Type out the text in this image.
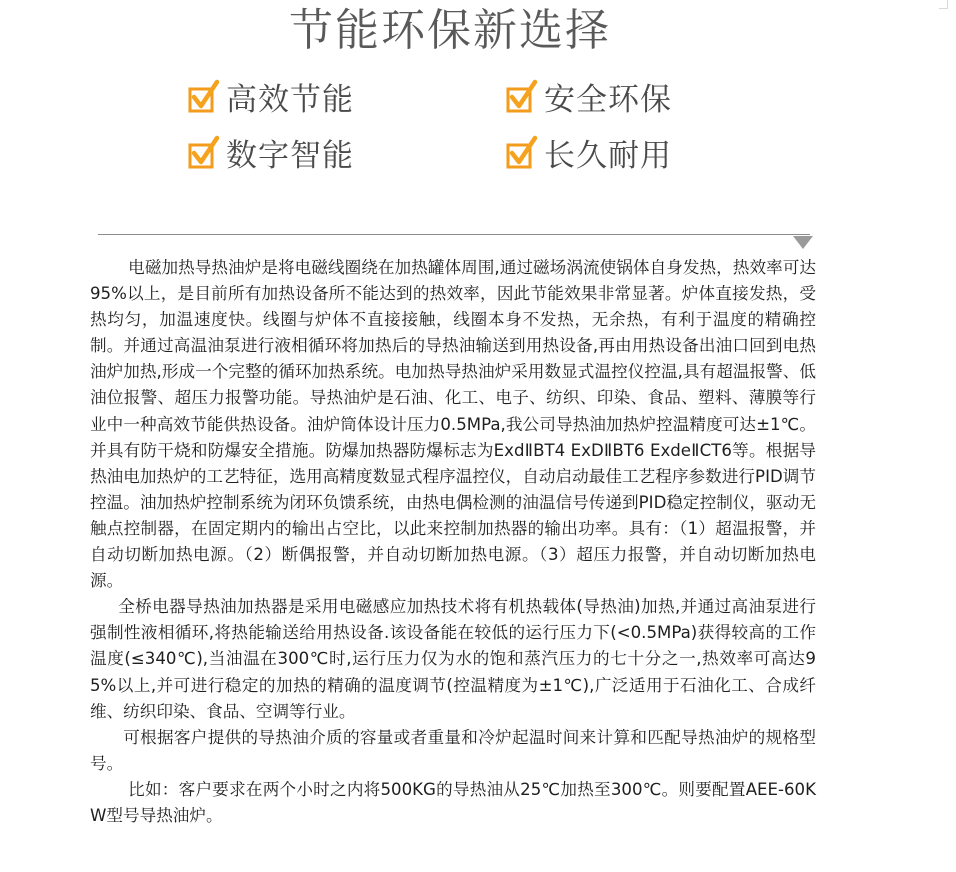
节能环保新选择
高效节能	安全环保
数字智能	长久耐用

电磁加热导热油炉是将电磁线圈绕在加热罐体周围,通过磁场涡流使锅体自身发热，热效率可达95%以上，是目前所有加热设备所不能达到的热效率，因此节能效果非常显著。炉体直接发热，受热均匀，加温速度快。线圈与炉体不直接接触，线圈本身不发热，无余热，有利于温度的精确控制。并通过高温油泵进行液相循环将加热后的导热油输送到用热设备,再由用热设备出油口回到电热油炉加热,形成一个完整的循环加热系统。电加热导热油炉采用数显式温控仪控温,具有超温报警、低油位报警、超压力报警功能。导热油炉是石油、化工、电子、纺织、印染、食品、塑料、薄膜等行业中一种高效节能供热设备。油炉筒体设计压力0.5MPa,我公司导热油加热炉控温精度可达±1℃。并具有防干烧和防爆安全措施。防爆加热器防爆标志为ExdⅡBT4 ExDⅡBT6 ExdeⅡCT6等。根据导热油电加热炉的工艺特征，选用高精度数显式程序温控仪，自动启动最佳工艺程序参数进行PID调节控温。油加热炉控制系统为闭环负馈系统，由热电偶检测的油温信号传递到PID稳定控制仪，驱动无触点控制器，在固定期内的输出占空比，以此来控制加热器的输出功率。具有：（1）超温报警，并自动切断加热电源。（2）断偶报警，并自动切断加热电源。（3）超压力报警，并自动切断加热电源。

全桥电器导热油加热器是采用电磁感应加热技术将有机热载体(导热油)加热,并通过高油泵进行强制性液相循环,将热能输送给用热设备.该设备能在较低的运行压力下(<0.5MPa)获得较高的工作温度(≤340℃),当油温在300℃时,运行压力仅为水的饱和蒸汽压力的七十分之一,热效率可高达95%以上,并可进行稳定的加热的精确的温度调节(控温精度为±1℃),广泛适用于石油化工、合成纤维、纺织印染、食品、空调等行业。

可根据客户提供的导热油介质的容量或者重量和冷炉起温时间来计算和匹配导热油炉的规格型号。

比如：客户要求在两个小时之内将500KG的导热油从25℃加热至300℃。则要配置AEE-60KW型号导热油炉。
